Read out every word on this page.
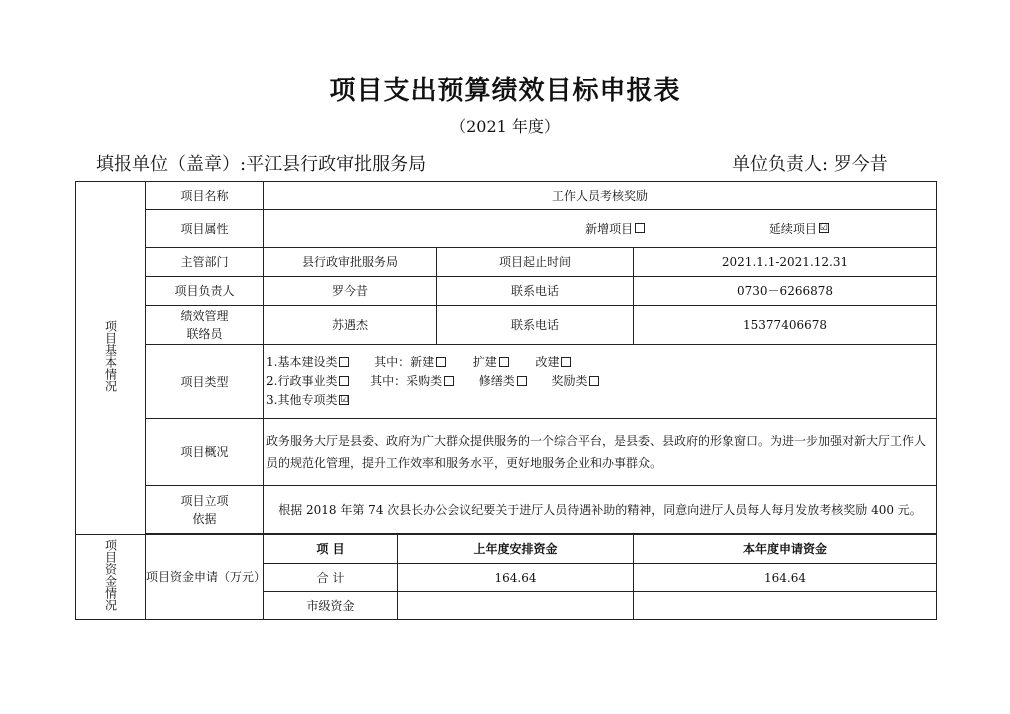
项目支出预算绩效目标申报表
（2021 年度）
填报单位（盖章）:平江县行政审批服务局	单位负责人: 罗今昔
项目基本情况	项目名称	工作人员考核奖励			
	项目属性	新增项目 延续项目 ☑			
	主管部门	县行政审批服务局		项目起止时间	2021.1.1-2021.12.31
	项目负责人	罗今昔		联系电话	0730－6266878

	绩效管理
联络员	苏遇杰		联系电话	15377406678
	项目类型	1.基本建设类 其中：新建 扩建 改建
2.行政事业类 其中：采购类 修缮类 奖励类
3.其他专项类 ☑			

	项目概况	政务服务大厅是县委、政府为广大群众提供服务的一个综合平台，是县委、县政府的形象窗口。为进一步加强对新大厅工作人员的规范化管理，提升工作效率和服务水平，更好地服务企业和办事群众。			

	项目立项
依据	根据 2018 年第 74 次县长办公会议纪要关于进厅人员待遇补助的精神，同意向进厅人员每人每月发放考核奖励 400 元。			

项目资金情况	项目资金申请（万元）	项 目	上年度安排资金		本年度申请资金
		合 计	164.64		164.64
		市级资金			
